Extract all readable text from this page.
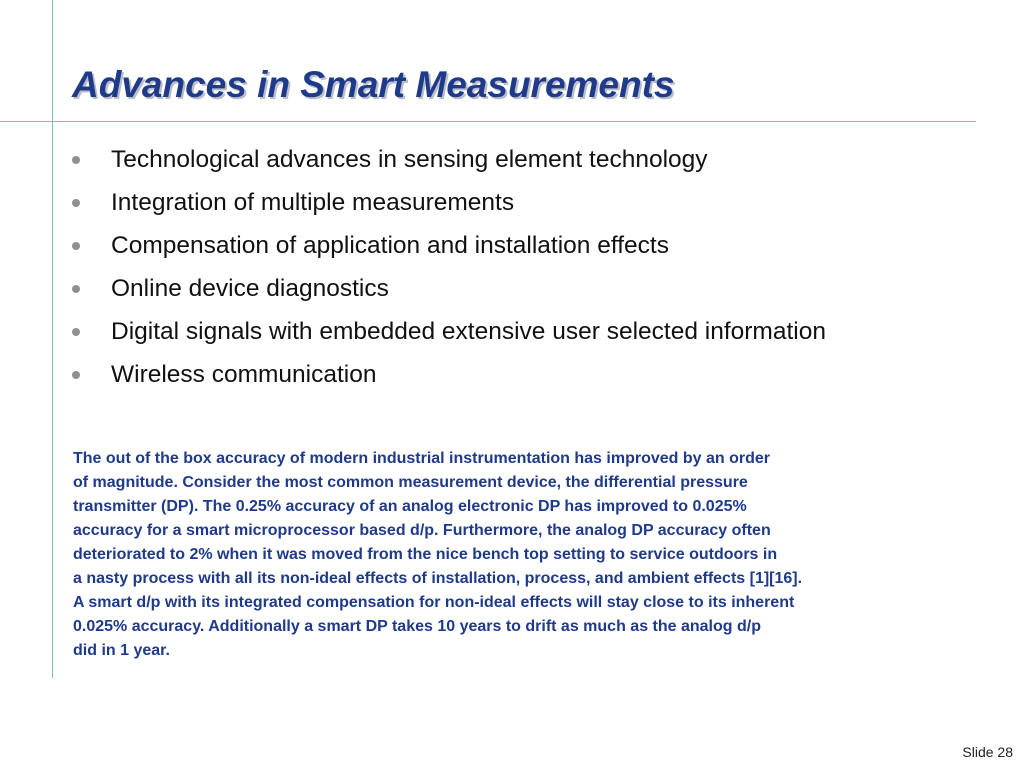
Advances in Smart Measurements
Technological advances in sensing element technology
Integration of multiple measurements
Compensation of application and installation effects
Online device diagnostics
Digital signals with embedded extensive user selected information
Wireless communication

The out of the box accuracy of modern industrial instrumentation has improved by an order
of magnitude. Consider the most common measurement device, the differential pressure
transmitter (DP). The 0.25% accuracy of an analog electronic DP has improved to 0.025%
accuracy for a smart microprocessor based d/p. Furthermore, the analog DP accuracy often
deteriorated to 2% when it was moved from the nice bench top setting to service outdoors in
a nasty process with all its non-ideal effects of installation, process, and ambient effects [1][16].
A smart d/p with its integrated compensation for non-ideal effects will stay close to its inherent
0.025% accuracy. Additionally a smart DP takes 10 years to drift as much as the analog d/p
did in 1 year.

Slide 28
